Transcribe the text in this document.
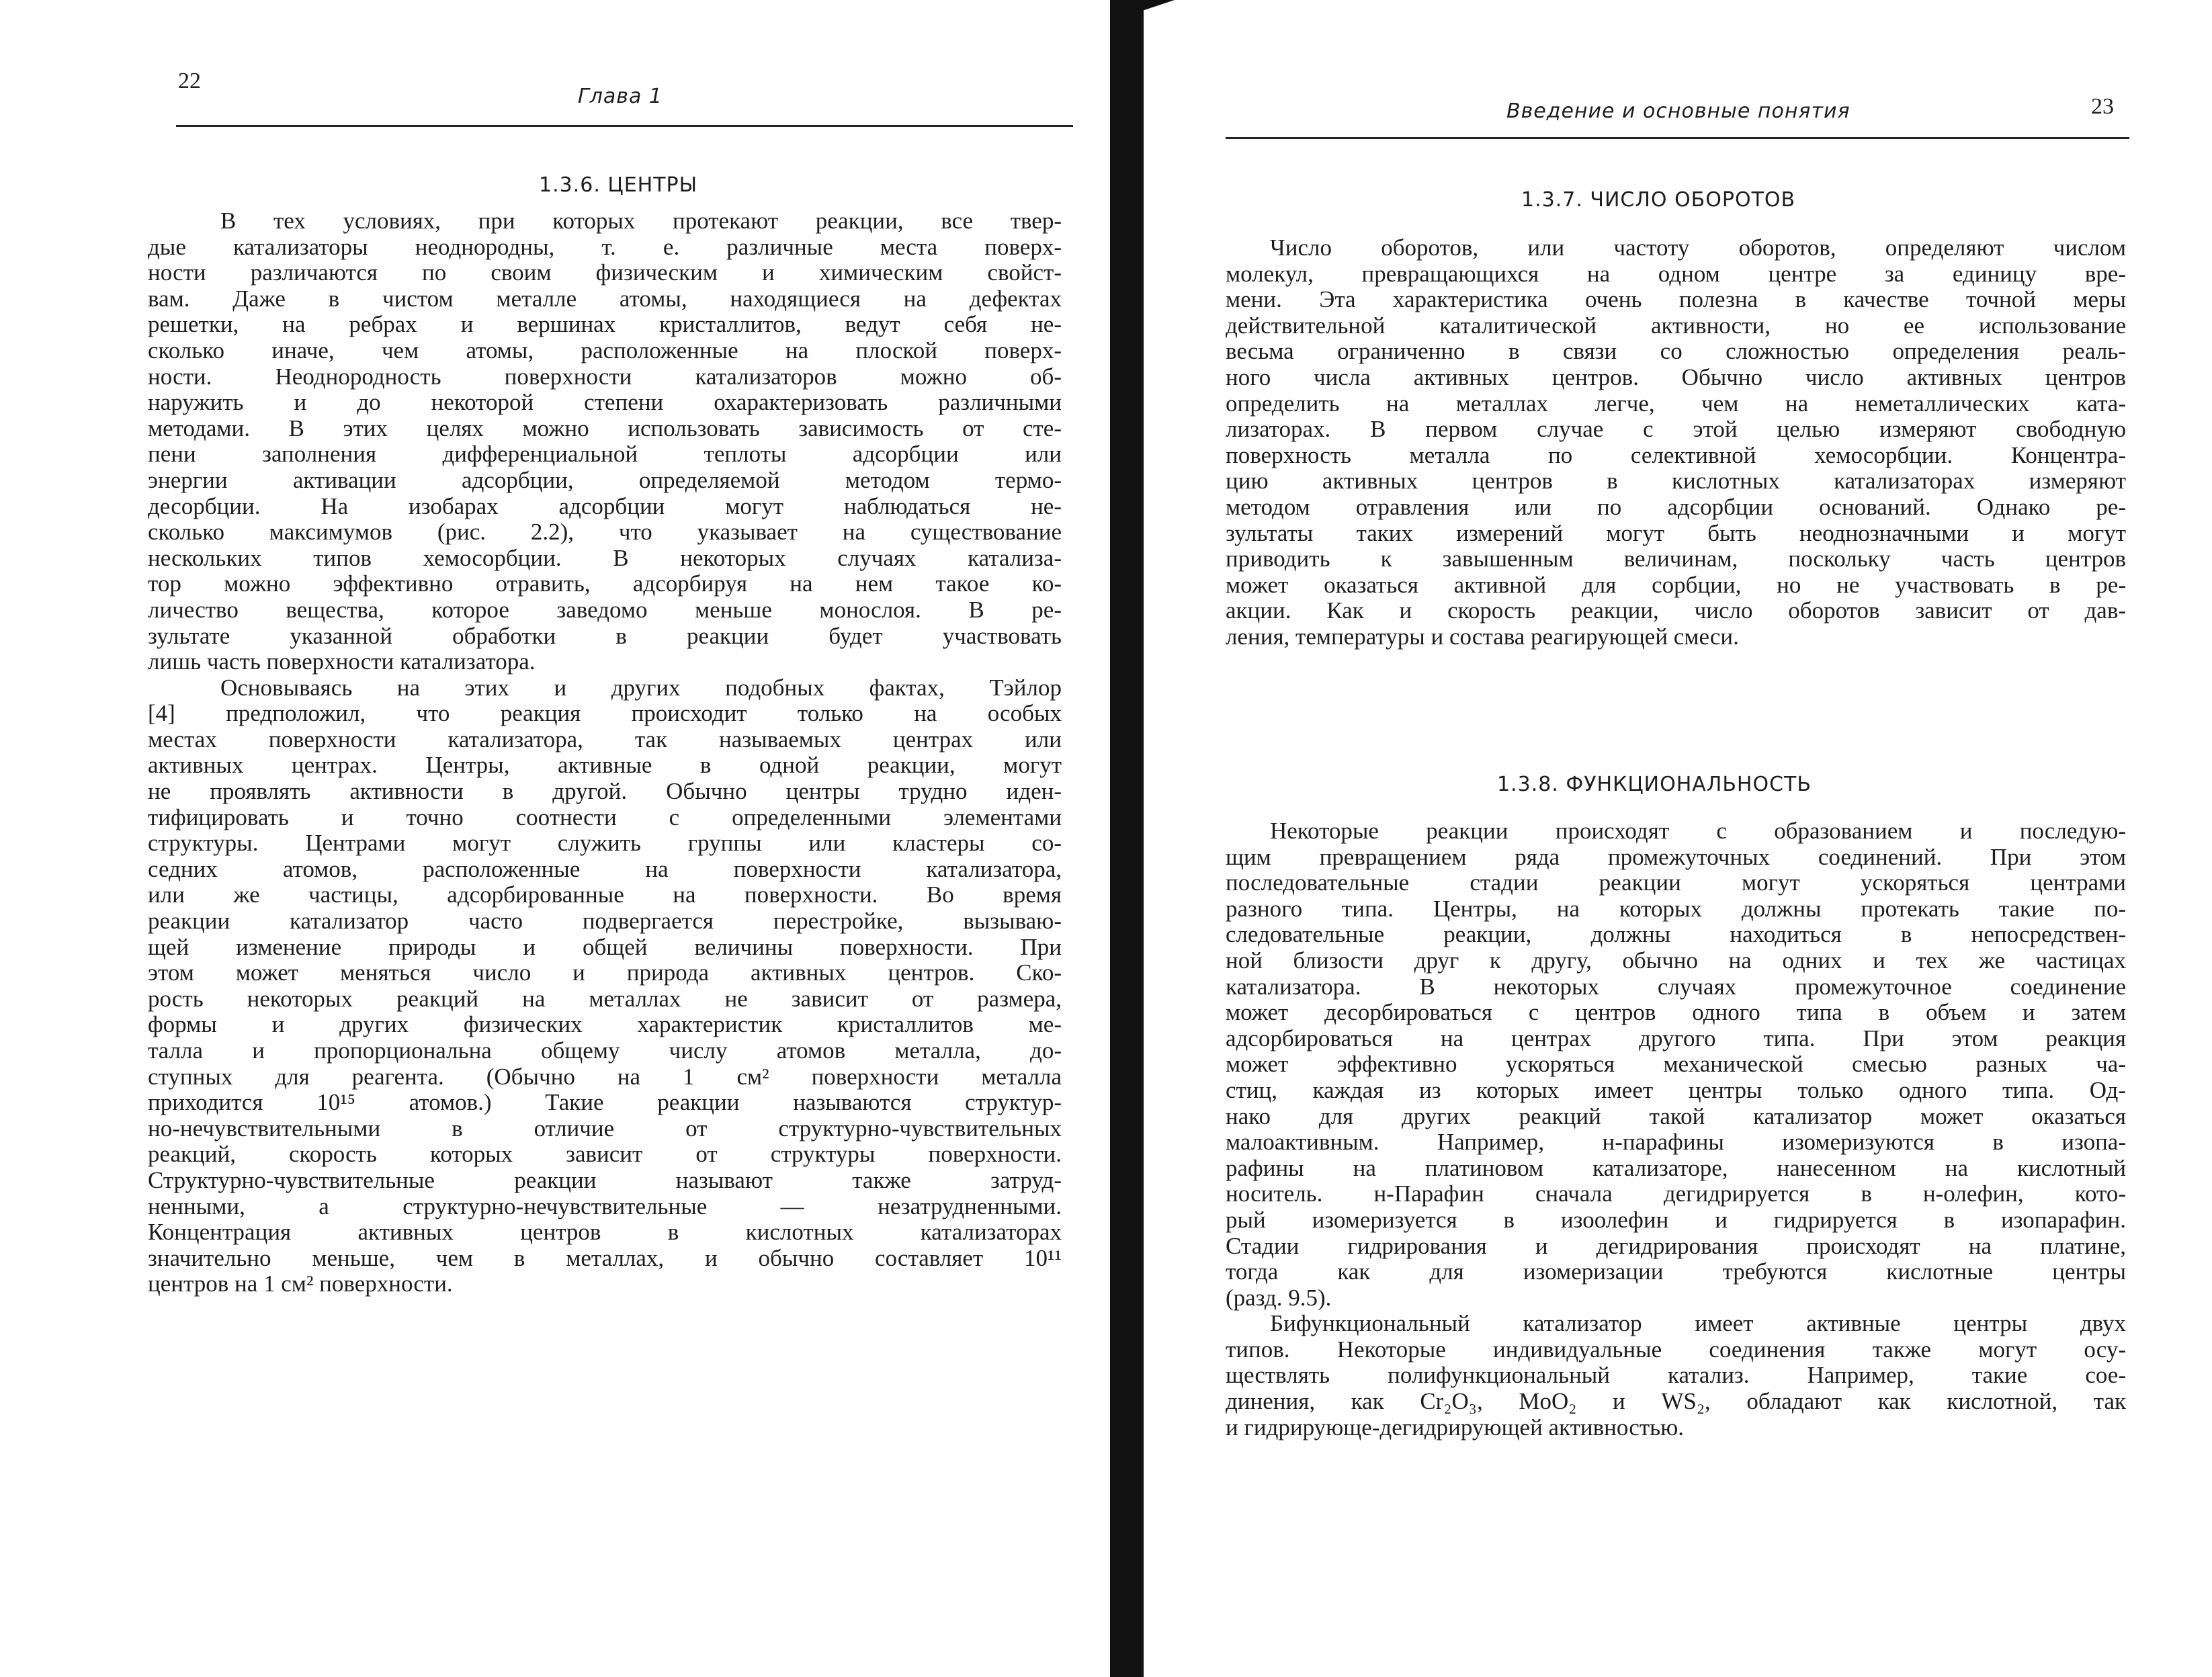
22
Глава 1
1.3.6. ЦЕНТРЫ
В тех условиях, при которых протекают реакции, все твер-
дые катализаторы неоднородны, т. е. различные места поверх-
ности различаются по своим физическим и химическим свойст-
вам. Даже в чистом металле атомы, находящиеся на дефектах
решетки, на ребрах и вершинах кристаллитов, ведут себя не-
сколько иначе, чем атомы, расположенные на плоской поверх-
ности. Неоднородность поверхности катализаторов можно об-
наружить и до некоторой степени охарактеризовать различными
методами. В этих целях можно использовать зависимость от сте-
пени заполнения дифференциальной теплоты адсорбции или
энергии активации адсорбции, определяемой методом термо-
десорбции. На изобарах адсорбции могут наблюдаться не-
сколько максимумов (рис. 2.2), что указывает на существование
нескольких типов хемосорбции. В некоторых случаях катализа-
тор можно эффективно отравить, адсорбируя на нем такое ко-
личество вещества, которое заведомо меньше монослоя. В ре-
зультате указанной обработки в реакции будет участвовать
лишь часть поверхности катализатора.
Основываясь на этих и других подобных фактах, Тэйлор
[4] предположил, что реакция происходит только на особых
местах поверхности катализатора, так называемых центрах или
активных центрах. Центры, активные в одной реакции, могут
не проявлять активности в другой. Обычно центры трудно иден-
тифицировать и точно соотнести с определенными элементами
структуры. Центрами могут служить группы или кластеры со-
седних атомов, расположенные на поверхности катализатора,
или же частицы, адсорбированные на поверхности. Во время
реакции катализатор часто подвергается перестройке, вызываю-
щей изменение природы и общей величины поверхности. При
этом может меняться число и природа активных центров. Ско-
рость некоторых реакций на металлах не зависит от размера,
формы и других физических характеристик кристаллитов ме-
талла и пропорциональна общему числу атомов металла, до-
ступных для реагента. (Обычно на 1 см² поверхности металла
приходится 10¹⁵ атомов.) Такие реакции называются структур-
но-нечувствительными в отличие от структурно-чувствительных
реакций, скорость которых зависит от структуры поверхности.
Структурно-чувствительные реакции называют также затруд-
ненными, а структурно-нечувствительные — незатрудненными.
Концентрация активных центров в кислотных катализаторах
значительно меньше, чем в металлах, и обычно составляет 10¹¹
центров на 1 см² поверхности.
Введение и основные понятия	23
1.3.7. ЧИСЛО ОБОРОТОВ
Число оборотов, или частоту оборотов, определяют числом
молекул, превращающихся на одном центре за единицу вре-
мени. Эта характеристика очень полезна в качестве точной меры
действительной каталитической активности, но ее использование
весьма ограниченно в связи со сложностью определения реаль-
ного числа активных центров. Обычно число активных центров
определить на металлах легче, чем на неметаллических ката-
лизаторах. В первом случае с этой целью измеряют свободную
поверхность металла по селективной хемосорбции. Концентра-
цию активных центров в кислотных катализаторах измеряют
методом отравления или по адсорбции оснований. Однако ре-
зультаты таких измерений могут быть неоднозначными и могут
приводить к завышенным величинам, поскольку часть центров
может оказаться активной для сорбции, но не участвовать в ре-
акции. Как и скорость реакции, число оборотов зависит от дав-
ления, температуры и состава реагирующей смеси.
1.3.8. ФУНКЦИОНАЛЬНОСТЬ
Некоторые реакции происходят с образованием и последую-
щим превращением ряда промежуточных соединений. При этом
последовательные стадии реакции могут ускоряться центрами
разного типа. Центры, на которых должны протекать такие по-
следовательные реакции, должны находиться в непосредствен-
ной близости друг к другу, обычно на одних и тех же частицах
катализатора. В некоторых случаях промежуточное соединение
может десорбироваться с центров одного типа в объем и затем
адсорбироваться на центрах другого типа. При этом реакция
может эффективно ускоряться механической смесью разных ча-
стиц, каждая из которых имеет центры только одного типа. Од-
нако для других реакций такой катализатор может оказаться
малоактивным. Например, н-парафины изомеризуются в изопа-
рафины на платиновом катализаторе, нанесенном на кислотный
носитель. н-Парафин сначала дегидрируется в н-олефин, кото-
рый изомеризуется в изоолефин и гидрируется в изопарафин.
Стадии гидрирования и дегидрирования происходят на платине,
тогда как для изомеризации требуются кислотные центры
(разд. 9.5).
Бифункциональный катализатор имеет активные центры двух
типов. Некоторые индивидуальные соединения также могут осу-
ществлять полифункциональный катализ. Например, такие сое-
динения, как Cr₂O₃, MoO₂ и WS₂, обладают как кислотной, так
и гидрирующе-дегидрирующей активностью.
